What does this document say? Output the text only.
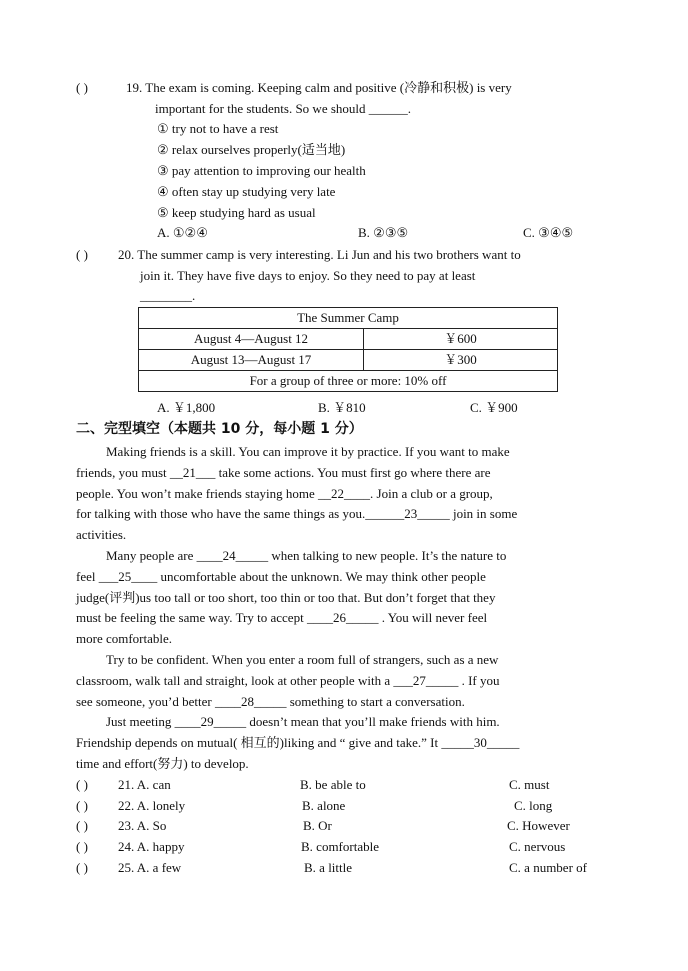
( )	19. The exam is coming. Keeping calm and positive (冷静和积极) is very
important for the students. So we should ______.
① try not to have a rest
② relax ourselves properly(适当地)
③ pay attention to improving our health
④ often stay up studying very late
⑤ keep studying hard as usual
A. ①②④	B. ②③⑤	C. ③④⑤
( ) 20. The summer camp is very interesting. Li Jun and his two brothers want to
join it. They have five days to enjoy. So they need to pay at least
________.
The Summer Camp	
August 4—August 12	￥600
August 13—August 17	￥300
For a group of three or more: 10% off	
A. ￥1,800	B. ￥810	C. ￥900
二、完型填空（本题共 10 分，每小题 1 分）
Making friends is a skill. You can improve it by practice. If you want to make
friends, you must __21___ take some actions. You must first go where there are
people. You won’t make friends staying home __22____. Join a club or a group,
for talking with those who have the same things as you.______23_____ join in some
activities.
Many people are ____24_____ when talking to new people. It’s the nature to
feel ___25____ uncomfortable about the unknown. We may think other people
judge(评判)us too tall or too short, too thin or too that. But don’t forget that they
must be feeling the same way. Try to accept ____26_____ . You will never feel
more comfortable.
Try to be confident. When you enter a room full of strangers, such as a new
classroom, walk tall and straight, look at other people with a ___27_____ . If you
see someone, you’d better ____28_____ something to start a conversation.
Just meeting ____29_____ doesn’t mean that you’ll make friends with him.
Friendship depends on mutual( 相互的)liking and “ give and take.” It _____30_____
time and effort(努力) to develop.
( ) 21. A. can	B. be able to	C. must
( ) 22. A. lonely	B. alone	C. long
( ) 23. A. So	B. Or	C. However
( ) 24. A. happy	B. comfortable	C. nervous
( ) 25. A. a few	B. a little	C. a number of
